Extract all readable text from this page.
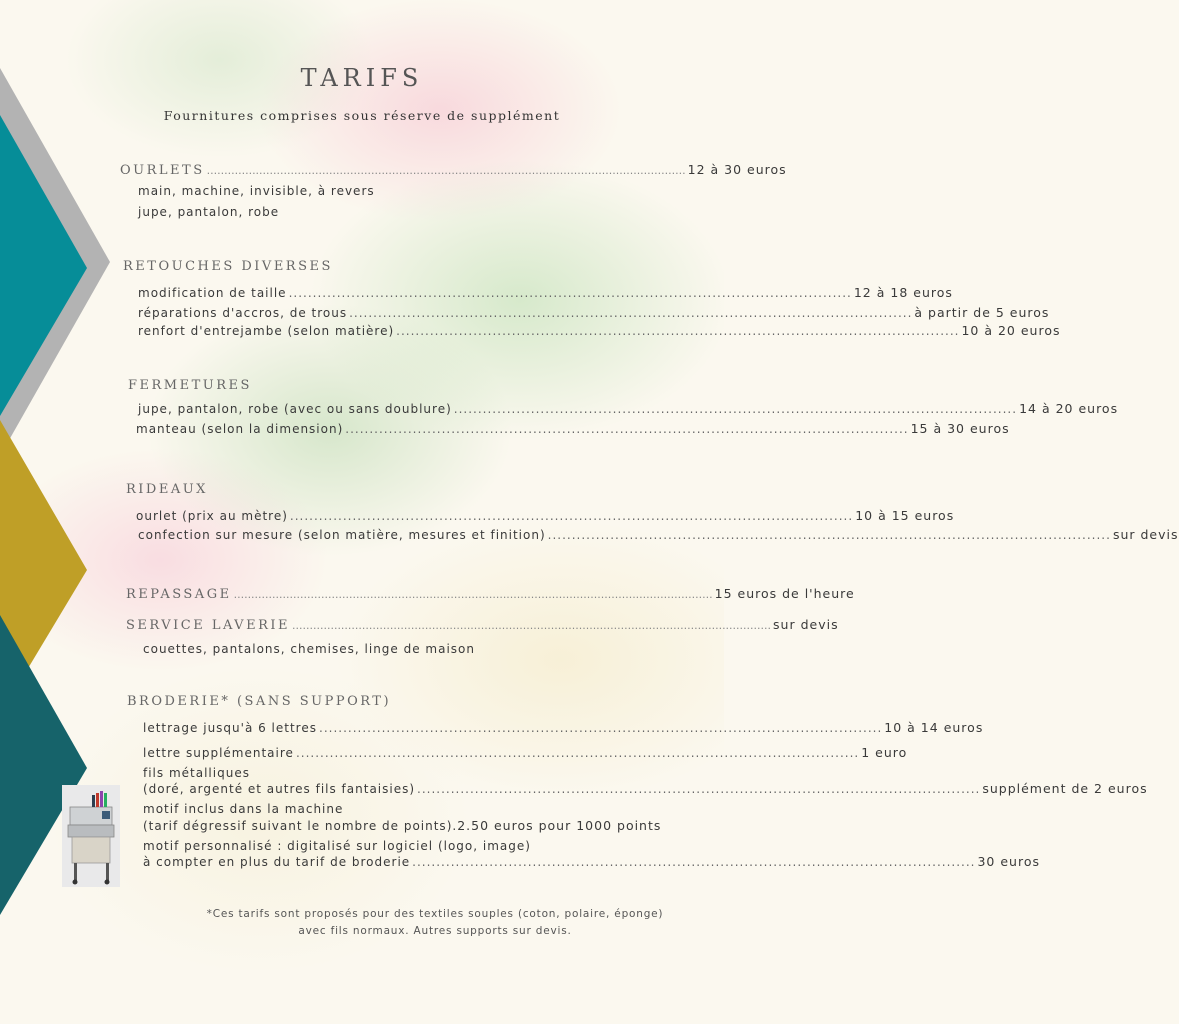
TARIFS
Fournitures comprises sous réserve de supplément
OURLETS ......................................................................................................................................... 12 à 30 euros
main, machine, invisible, à revers
jupe, pantalon, robe
RETOUCHES DIVERSES
modification de taille ..................................................................................................................... 12 à 18 euros
réparations d'accros, de trous ..................................................................................................................... à partir de 5 euros
renfort d'entrejambe (selon matière) ..................................................................................................................... 10 à 20 euros
FERMETURES
jupe, pantalon, robe (avec ou sans doublure) ..................................................................................................................... 14 à 20 euros
manteau (selon la dimension) ..................................................................................................................... 15 à 30 euros
RIDEAUX
ourlet (prix au mètre) ..................................................................................................................... 10 à 15 euros
confection sur mesure (selon matière, mesures et finition) ..................................................................................................................... sur devis
REPASSAGE ......................................................................................................................................... 15 euros de l'heure
SERVICE LAVERIE ......................................................................................................................................... sur devis
couettes, pantalons, chemises, linge de maison
BRODERIE* (SANS SUPPORT)
lettrage jusqu'à 6 lettres ..................................................................................................................... 10 à 14 euros
lettre supplémentaire ..................................................................................................................... 1 euro
fils métalliques
(doré, argenté et autres fils fantaisies) ..................................................................................................................... supplément de 2 euros
motif inclus dans la machine
(tarif dégressif suivant le nombre de points). 2.50 euros pour 1000 points
motif personnalisé : digitalisé sur logiciel (logo, image)
à compter en plus du tarif de broderie ..................................................................................................................... 30 euros
*Ces tarifs sont proposés pour des textiles souples (coton, polaire, éponge)
avec fils normaux. Autres supports sur devis.
